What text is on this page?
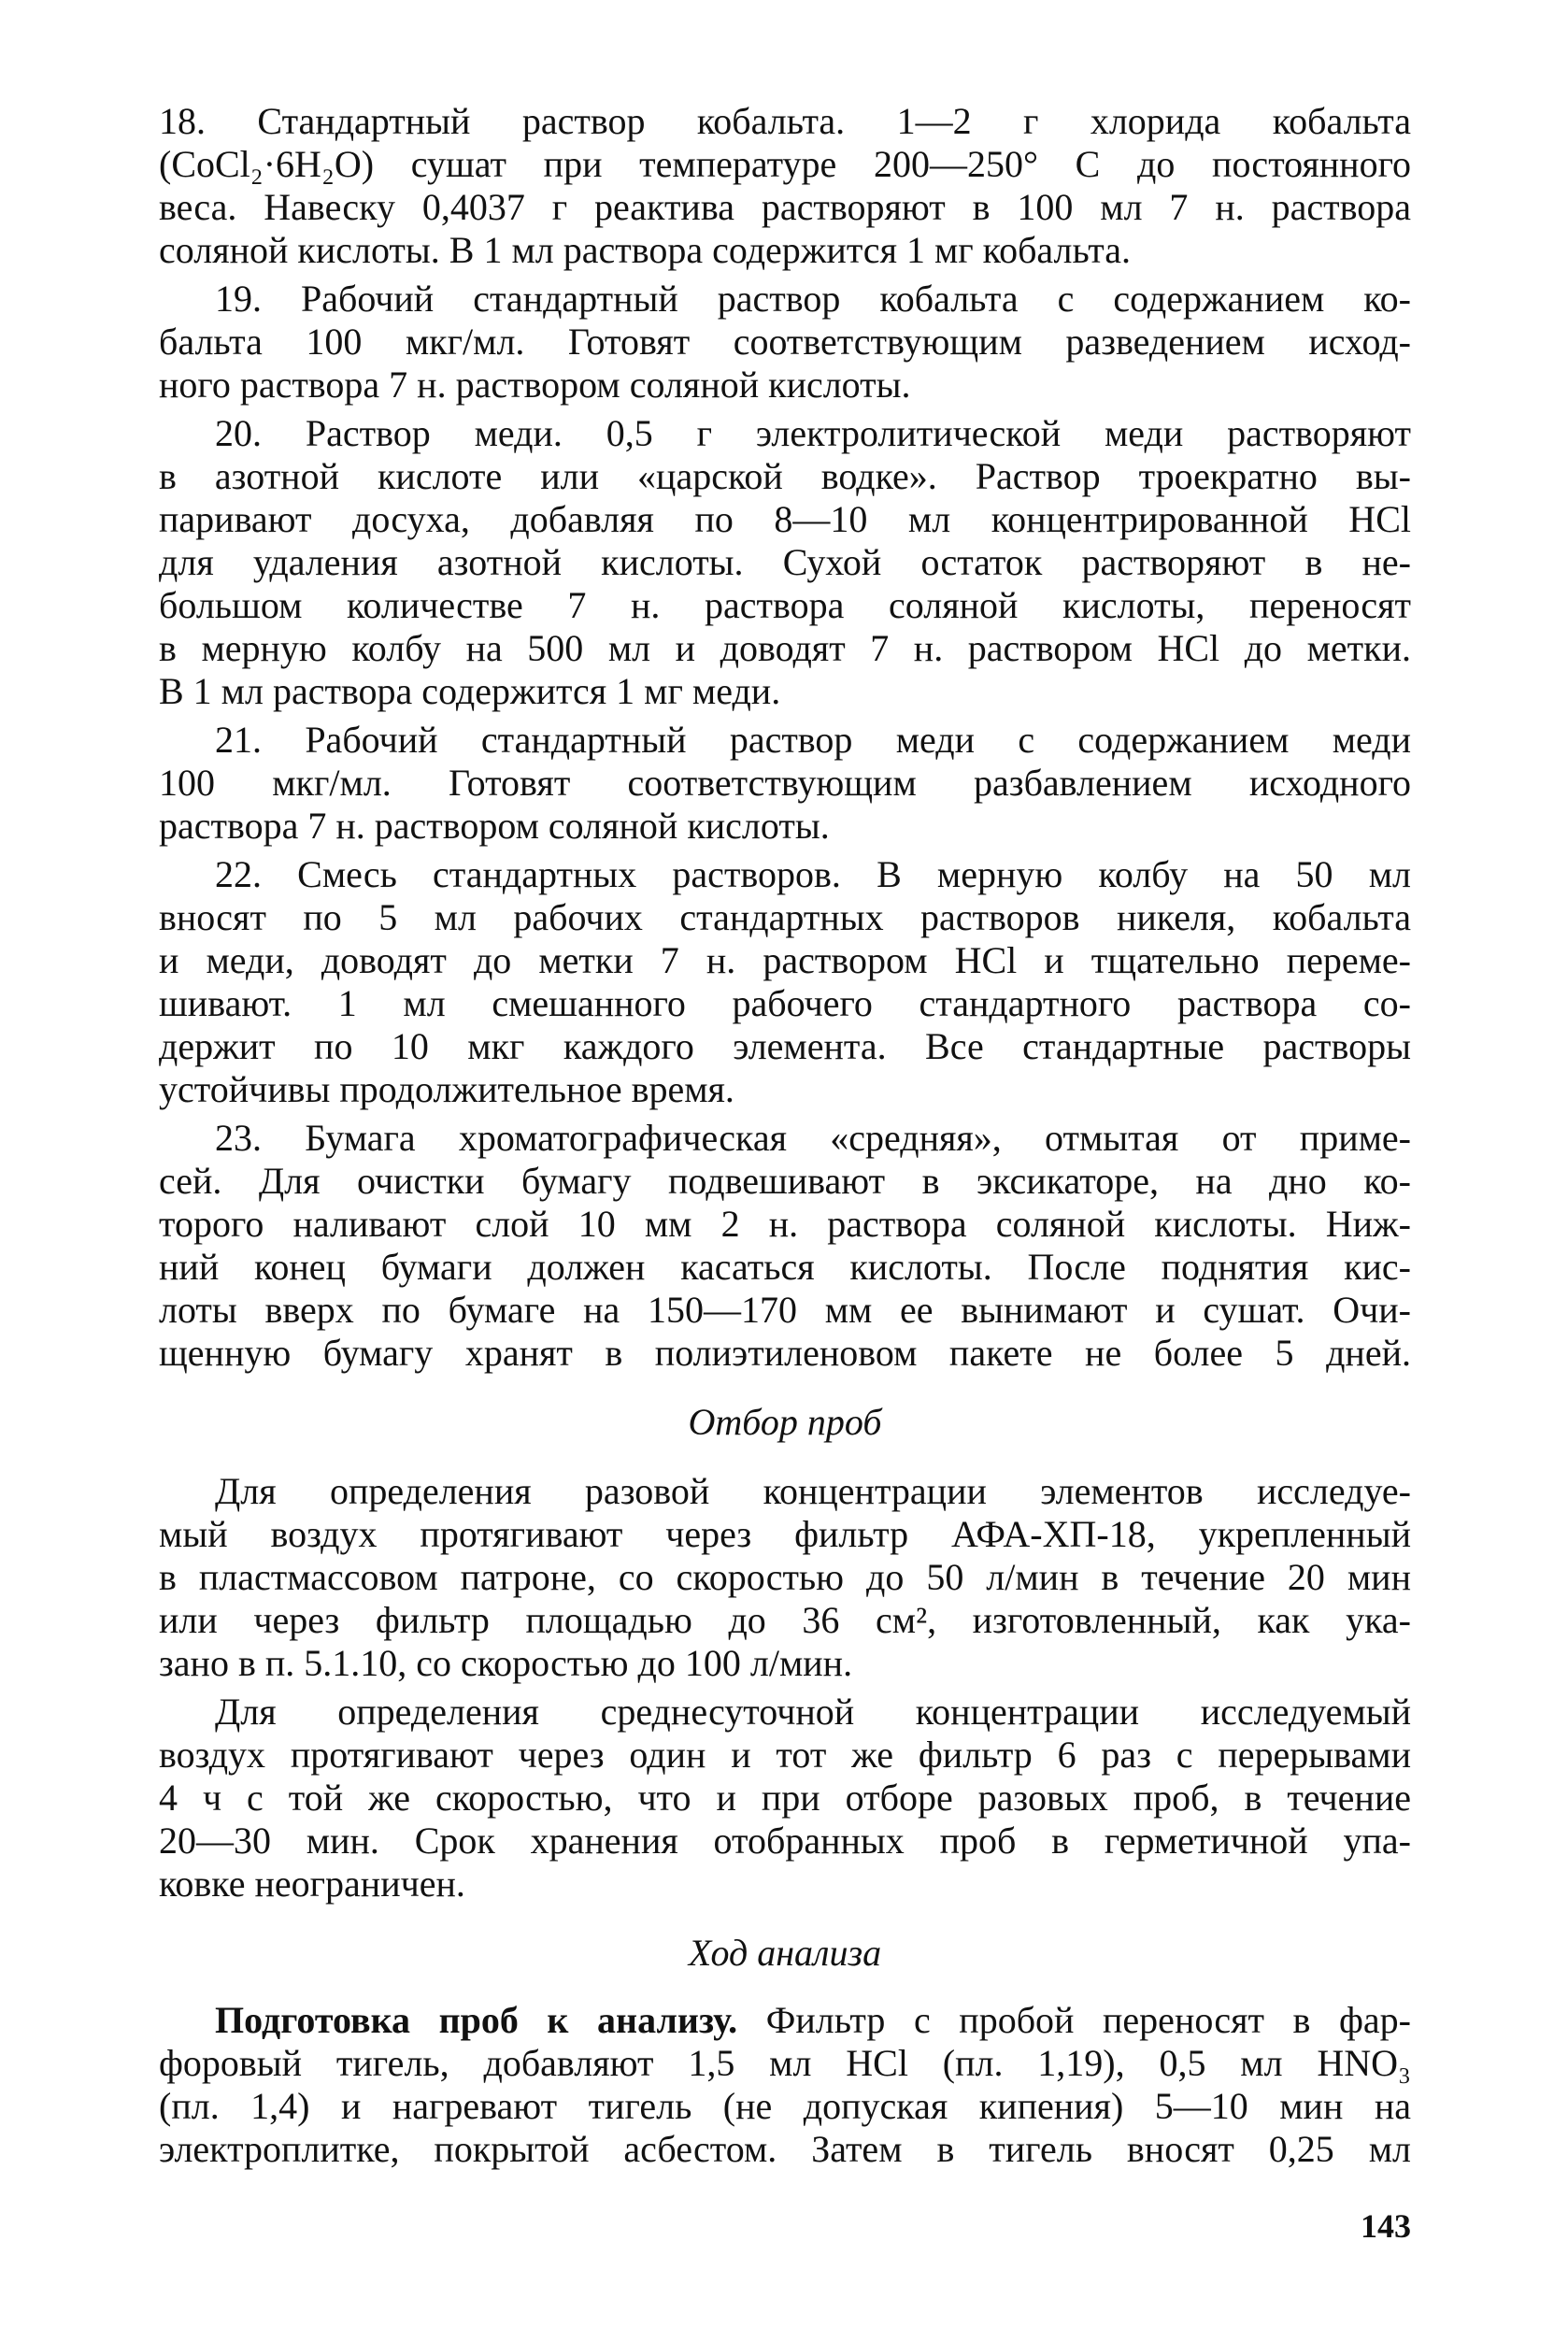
18. Стандартный раствор кобальта. 1—2 г хлорида кобальта

(CoCl₂·6H₂O) сушат при температуре 200—250° C до постоянного

веса. Навеску 0,4037 г реактива растворяют в 100 мл 7 н. раствора

соляной кислоты. В 1 мл раствора содержится 1 мг кобальта.

19. Рабочий стандартный раствор кобальта с содержанием ко-

бальта 100 мкг/мл. Готовят соответствующим разведением исход-

ного раствора 7 н. раствором соляной кислоты.

20. Раствор меди. 0,5 г электролитической меди растворяют

в азотной кислоте или «царской водке». Раствор троекратно вы-

паривают досуха, добавляя по 8—10 мл концентрированной HCl

для удаления азотной кислоты. Сухой остаток растворяют в не-

большом количестве 7 н. раствора соляной кислоты, переносят

в мерную колбу на 500 мл и доводят 7 н. раствором HCl до метки.

В 1 мл раствора содержится 1 мг меди.

21. Рабочий стандартный раствор меди с содержанием меди

100 мкг/мл. Готовят соответствующим разбавлением исходного

раствора 7 н. раствором соляной кислоты.

22. Смесь стандартных растворов. В мерную колбу на 50 мл

вносят по 5 мл рабочих стандартных растворов никеля, кобальта

и меди, доводят до метки 7 н. раствором HCl и тщательно переме-

шивают. 1 мл смешанного рабочего стандартного раствора со-

держит по 10 мкг каждого элемента. Все стандартные растворы

устойчивы продолжительное время.

23. Бумага хроматографическая «средняя», отмытая от приме-

сей. Для очистки бумагу подвешивают в эксикаторе, на дно ко-

торого наливают слой 10 мм 2 н. раствора соляной кислоты. Ниж-

ний конец бумаги должен касаться кислоты. После поднятия кис-

лоты вверх по бумаге на 150—170 мм ее вынимают и сушат. Очи-

щенную бумагу хранят в полиэтиленовом пакете не более 5 дней.

Отбор проб

Для определения разовой концентрации элементов исследуе-

мый воздух протягивают через фильтр АФА-ХП-18, укрепленный

в пластмассовом патроне, со скоростью до 50 л/мин в течение 20 мин

или через фильтр площадью до 36 см², изготовленный, как ука-

зано в п. 5.1.10, со скоростью до 100 л/мин.

Для определения среднесуточной концентрации исследуемый

воздух протягивают через один и тот же фильтр 6 раз с перерывами

4 ч с той же скоростью, что и при отборе разовых проб, в течение

20—30 мин. Срок хранения отобранных проб в герметичной упа-

ковке неограничен.

Ход анализа

Подготовка проб к анализу. Фильтр с пробой переносят в фар-

форовый тигель, добавляют 1,5 мл HCl (пл. 1,19), 0,5 мл HNO₃

(пл. 1,4) и нагревают тигель (не допуская кипения) 5—10 мин на

электроплитке, покрытой асбестом. Затем в тигель вносят 0,25 мл

143
